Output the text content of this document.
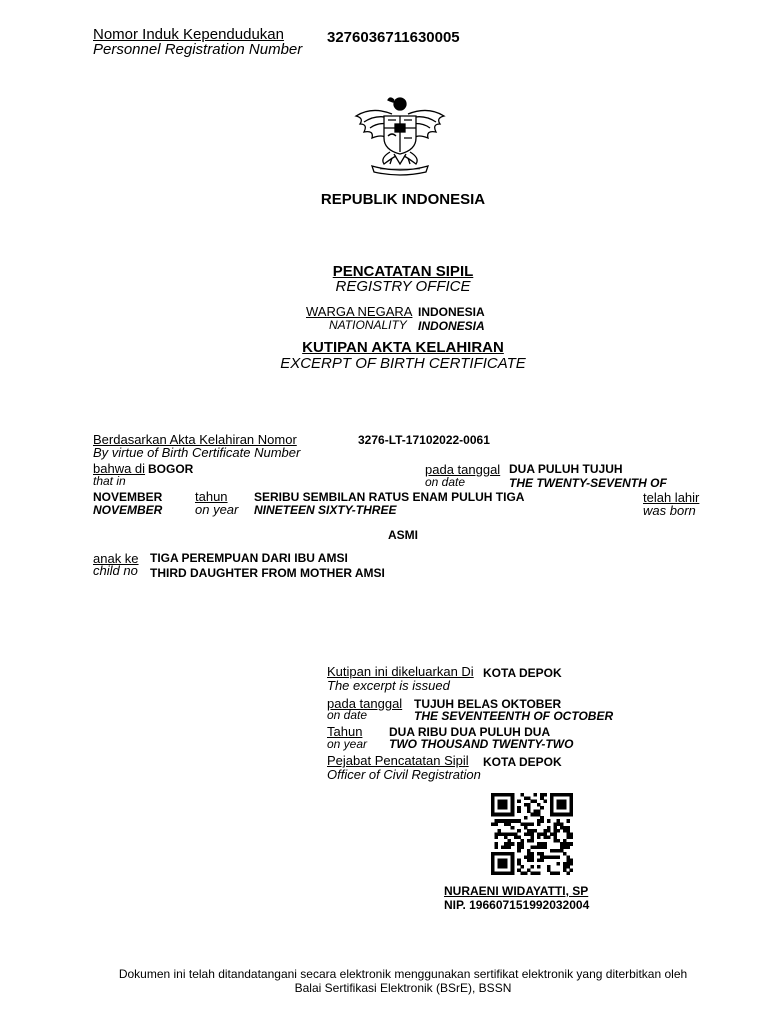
Nomor Induk Kependudukan
Personnel Registration Number
3276036711630005
REPUBLIK INDONESIA
PENCATATAN SIPIL
REGISTRY OFFICE
WARGA NEGARA
NATIONALITY
INDONESIA
INDONESIA
KUTIPAN AKTA KELAHIRAN
EXCERPT OF BIRTH CERTIFICATE
Berdasarkan Akta Kelahiran Nomor
By virtue of Birth Certificate Number
3276-LT-17102022-0061
bahwa di
that in
BOGOR	pada tanggal
on date
DUA PULUH TUJUH
THE TWENTY-SEVENTH OF
NOVEMBER
NOVEMBER
tahun
on year
SERIBU SEMBILAN RATUS ENAM PULUH TIGA
NINETEEN SIXTY-THREE
telah lahir
was born
ASMI
anak ke
child no
TIGA PEREMPUAN DARI IBU AMSI
THIRD DAUGHTER FROM MOTHER AMSI
Kutipan ini dikeluarkan Di
The excerpt is issued
KOTA DEPOK
pada tanggal
on date
TUJUH BELAS OKTOBER
THE SEVENTEENTH OF OCTOBER
Tahun
on year
DUA RIBU DUA PULUH DUA
TWO THOUSAND TWENTY-TWO
Pejabat Pencatatan Sipil
Officer of Civil Registration
KOTA DEPOK
NURAENI WIDAYATTI, SP
NIP. 196607151992032004
Dokumen ini telah ditandatangani secara elektronik menggunakan sertifikat elektronik yang diterbitkan oleh
Balai Sertifikasi Elektronik (BSrE), BSSN
